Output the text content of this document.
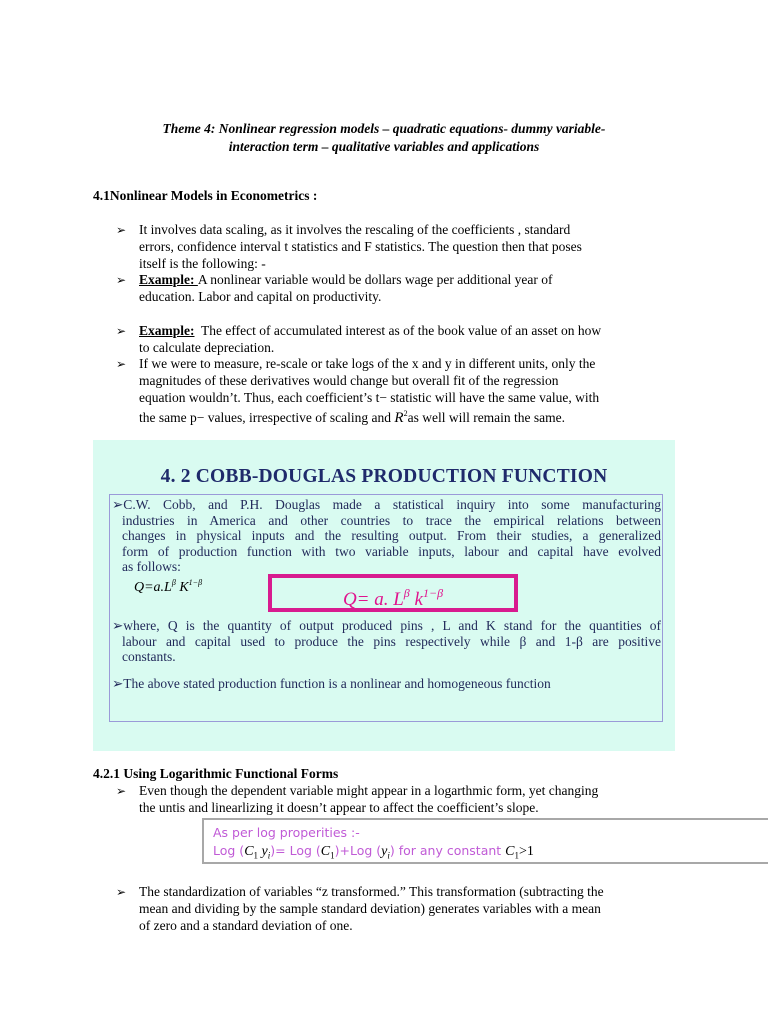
Theme 4: Nonlinear regression models – quadratic equations- dummy variable-
interaction term – qualitative variables and applications
4.1Nonlinear Models in Econometrics :
➢ It involves data scaling, as it involves the rescaling of the coefficients , standard
errors, confidence interval t statistics and F statistics. The question then that poses
itself is the following: -
➢ Example: A nonlinear variable would be dollars wage per additional year of
education. Labor and capital on productivity.
➢ Example: The effect of accumulated interest as of the book value of an asset on how
to calculate depreciation.
➢ If we were to measure, re-scale or take logs of the x and y in different units, only the
magnitudes of these derivatives would change but overall fit of the regression
equation wouldn’t. Thus, each coefficient’s t− statistic will have the same value, with
the same p− values, irrespective of scaling and $R^2as$ well will remain the same.
4. 2 COBB-DOUGLAS PRODUCTION FUNCTION
➢C.W. Cobb, and P.H. Douglas made a statistical inquiry into some manufacturing
industries in America and other countries to trace the empirical relations between
changes in physical inputs and the resulting output. From their studies, a generalized
form of production function with two variable inputs, labour and capital have evolved
as follows:
$Q=a.L^\beta$ $K^{1-\beta}$
Q= a. $L^\beta$ $k^{1-\beta}$
➢where, Q is the quantity of output produced pins , L and K stand for the quantities of
labour and capital used to produce the pins respectively while β and 1-β are positive
constants.
➢The above stated production function is a nonlinear and homogeneous function
4.2.1 Using Logarithmic Functional Forms
➢ Even though the dependent variable might appear in a logarthmic form, yet changing
the untis and linearlizing it doesn’t appear to affect the coefficient’s slope.
As per log properities :-
Log ($C_1$ $y_i)=$ Log $(C_1)+Log$ $(y_i)$ for any constant $C_1>1$
➢ The standardization of variables “z transformed.” This transformation (subtracting the
mean and dividing by the sample standard deviation) generates variables with a mean
of zero and a standard deviation of one.
